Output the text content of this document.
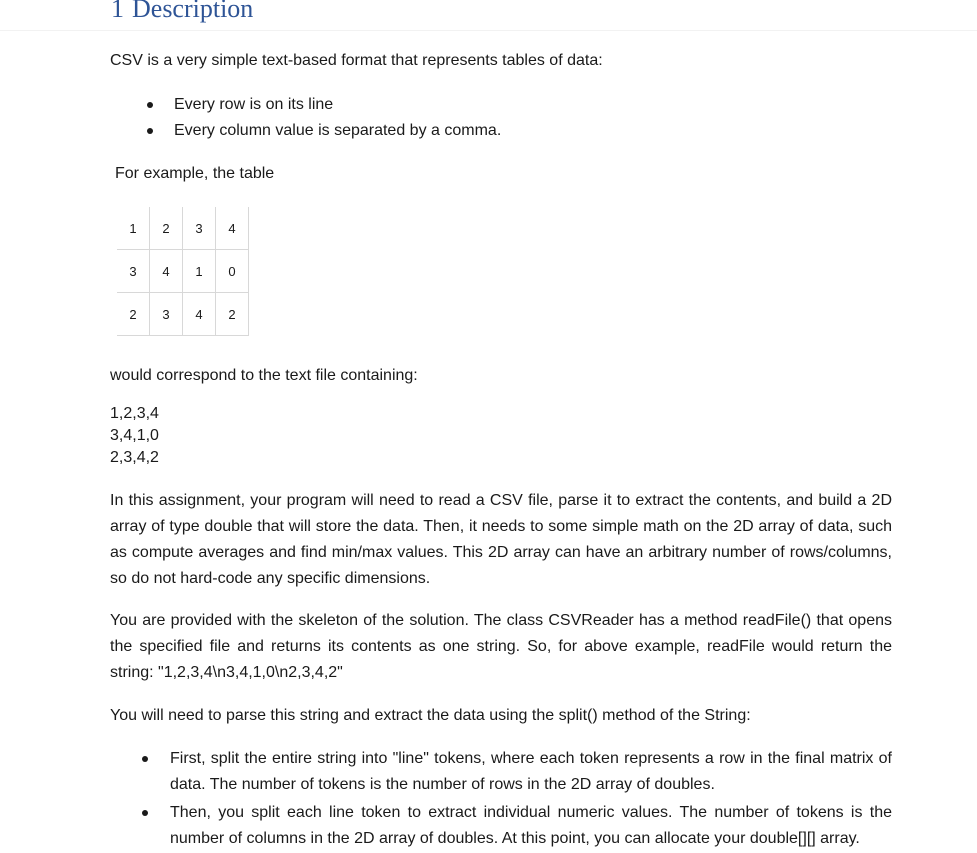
1 Description

CSV is a very simple text-based format that represents tables of data:

Every row is on its line
Every column value is separated by a comma.

For example, the table

1	2	3	4
3	4	1	0
2	3	4	2

would correspond to the text file containing:

1,2,3,4
3,4,1,0
2,3,4,2

In this assignment, your program will need to read a CSV file, parse it to extract the contents, and build a 2D array of type double that will store the data. Then, it needs to some simple math on the 2D array of data, such as compute averages and find min/max values. This 2D array can have an arbitrary number of rows/columns, so do not hard-code any specific dimensions.

You are provided with the skeleton of the solution. The class CSVReader has a method readFile() that opens the specified file and returns its contents as one string. So, for above example, readFile would return the string: "1,2,3,4\n3,4,1,0\n2,3,4,2"

You will need to parse this string and extract the data using the split() method of the String:

First, split the entire string into "line" tokens, where each token represents a row in the final matrix of data. The number of tokens is the number of rows in the 2D array of doubles.
Then, you split each line token to extract individual numeric values. The number of tokens is the number of columns in the 2D array of doubles. At this point, you can allocate your double[][] array.
